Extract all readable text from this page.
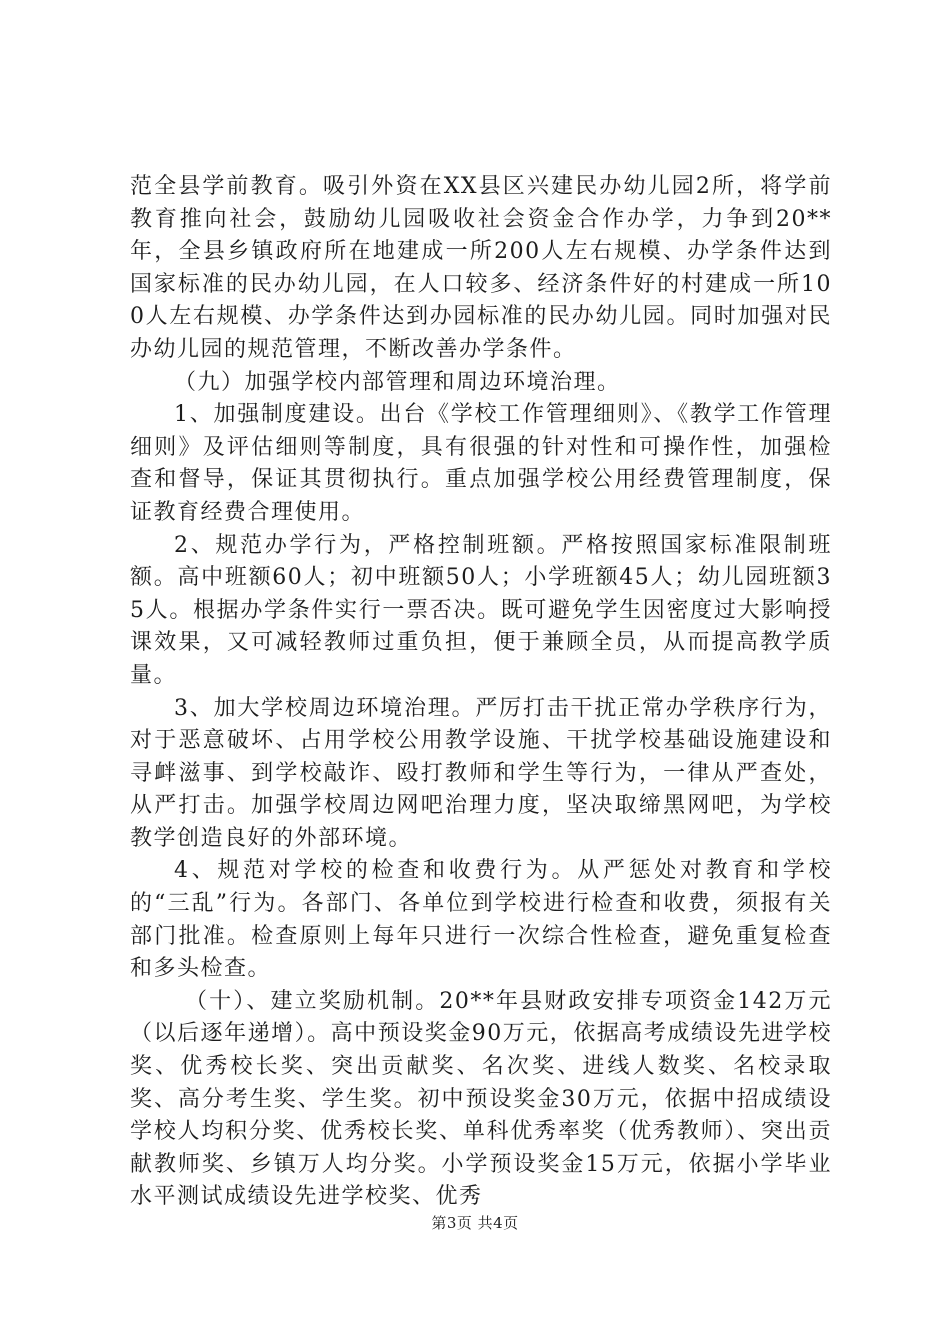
范全县学前教育。吸引外资在XX县区兴建民办幼儿园2所，将学前教育推向社会，鼓励幼儿园吸收社会资金合作办学，力争到20**年，全县乡镇政府所在地建成一所200人左右规模、办学条件达到国家标准的民办幼儿园，在人口较多、经济条件好的村建成一所100人左右规模、办学条件达到办园标准的民办幼儿园。同时加强对民办幼儿园的规范管理，不断改善办学条件。

（九）加强学校内部管理和周边环境治理。

1、加强制度建设。出台《学校工作管理细则》、《教学工作管理细则》及评估细则等制度，具有很强的针对性和可操作性，加强检查和督导，保证其贯彻执行。重点加强学校公用经费管理制度，保证教育经费合理使用。

2、规范办学行为，严格控制班额。严格按照国家标准限制班额。高中班额60人；初中班额50人；小学班额45人；幼儿园班额35人。根据办学条件实行一票否决。既可避免学生因密度过大影响授课效果，又可减轻教师过重负担，便于兼顾全员，从而提高教学质量。

3、加大学校周边环境治理。严厉打击干扰正常办学秩序行为，对于恶意破坏、占用学校公用教学设施、干扰学校基础设施建设和寻衅滋事、到学校敲诈、殴打教师和学生等行为，一律从严查处，从严打击。加强学校周边网吧治理力度，坚决取缔黑网吧，为学校教学创造良好的外部环境。

4、规范对学校的检查和收费行为。从严惩处对教育和学校的“三乱”行为。各部门、各单位到学校进行检查和收费，须报有关部门批准。检查原则上每年只进行一次综合性检查，避免重复检查和多头检查。

（十）、建立奖励机制。20**年县财政安排专项资金142万元（以后逐年递增）。高中预设奖金90万元，依据高考成绩设先进学校奖、优秀校长奖、突出贡献奖、名次奖、进线人数奖、名校录取奖、高分考生奖、学生奖。初中预设奖金30万元，依据中招成绩设学校人均积分奖、优秀校长奖、单科优秀率奖（优秀教师）、突出贡献教师奖、乡镇万人均分奖。小学预设奖金15万元，依据小学毕业水平测试成绩设先进学校奖、优秀

第3页 共4页
